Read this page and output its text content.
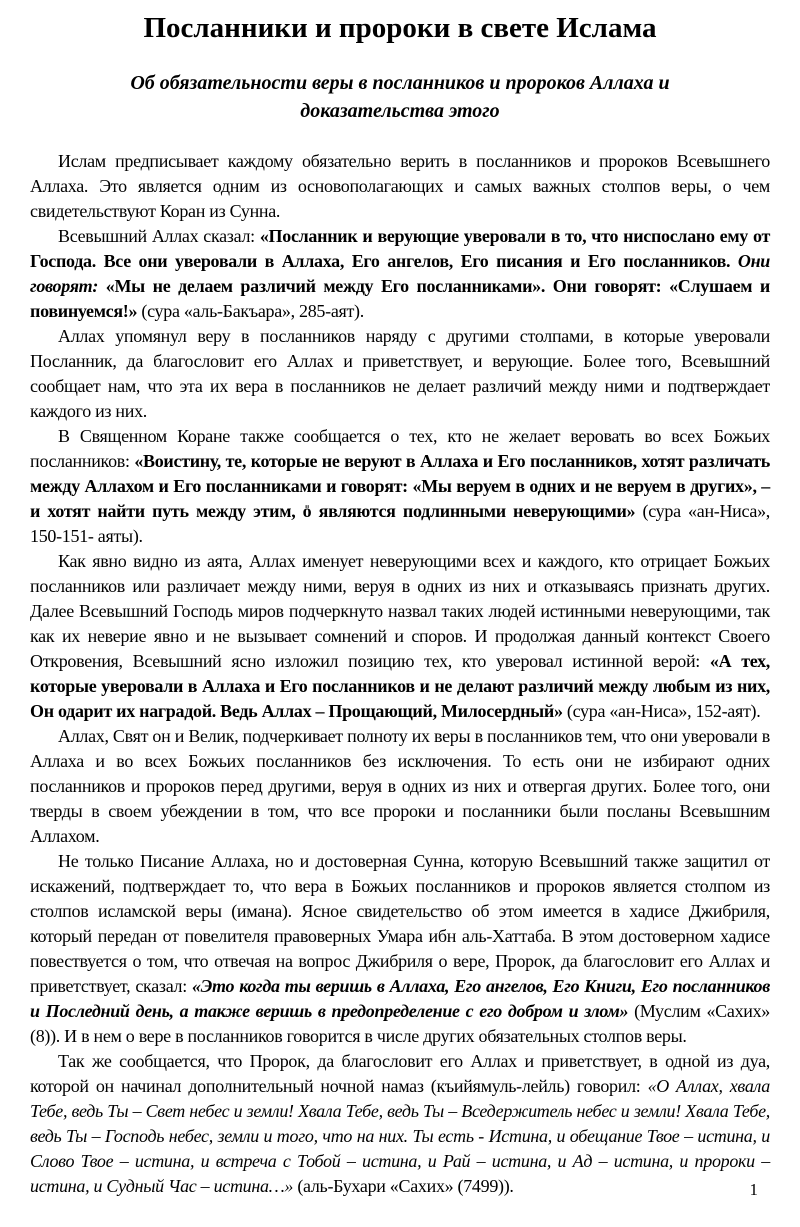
Посланники и пророки в свете Ислама
Об обязательности веры в посланников и пророков Аллаха и доказательства этого

Ислам предписывает каждому обязательно верить в посланников и пророков Всевышнего Аллаха. Это является одним из основополагающих и самых важных столпов веры, о чем свидетельствуют Коран из Сунна.

Всевышний Аллах сказал: «Посланник и верующие уверовали в то, что ниспослано ему от Господа. Все они уверовали в Аллаха, Его ангелов, Его писания и Его посланников. Они говорят: «Мы не делаем различий между Его посланниками». Они говорят: «Слушаем и повинуемся!» (сура «аль-Бакъара», 285-аят).

Аллах упомянул веру в посланников наряду с другими столпами, в которые уверовали Посланник, да благословит его Аллах и приветствует, и верующие. Более того, Всевышний сообщает нам, что эта их вера в посланников не делает различий между ними и подтверждает каждого из них.

В Священном Коране также сообщается о тех, кто не желает веровать во всех Божьих посланников: «Воистину, те, которые не веруют в Аллаха и Его посланников, хотят различать между Аллахом и Его посланниками и говорят: «Мы веруем в одних и не веруем в других», – и хотят найти путь между этим, o̎ являются подлинными неверующими» (сура «ан-Ниса», 150-151- аяты).

Как явно видно из аята, Аллах именует неверующими всех и каждого, кто отрицает Божьих посланников или различает между ними, веруя в одних из них и отказываясь признать других. Далее Всевышний Господь миров подчеркнуто назвал таких людей истинными неверующими, так как их неверие явно и не вызывает сомнений и споров. И продолжая данный контекст Своего Откровения, Всевышний ясно изложил позицию тех, кто уверовал истинной верой: «А тех, которые уверовали в Аллаха и Его посланников и не делают различий между любым из них, Он одарит их наградой. Ведь Аллах – Прощающий, Милосердный» (сура «ан-Ниса», 152-аят).

Аллах, Свят он и Велик, подчеркивает полноту их веры в посланников тем, что они уверовали в Аллаха и во всех Божьих посланников без исключения. То есть они не избирают одних посланников и пророков перед другими, веруя в одних из них и отвергая других. Более того, они тверды в своем убеждении в том, что все пророки и посланники были посланы Всевышним Аллахом.

Не только Писание Аллаха, но и достоверная Сунна, которую Всевышний также защитил от искажений, подтверждает то, что вера в Божьих посланников и пророков является столпом из столпов исламской веры (имана). Ясное свидетельство об этом имеется в хадисе Джибриля, который передан от повелителя правоверных Умара ибн аль-Хаттаба. В этом достоверном хадисе повествуется о том, что отвечая на вопрос Джибриля о вере, Пророк, да благословит его Аллах и приветствует, сказал: «Это когда ты веришь в Аллаха, Его ангелов, Его Книги, Его посланников и Последний день, а также веришь в предопределение с его добром и злом» (Муслим «Сахих» (8)). И в нем о вере в посланников говорится в числе других обязательных столпов веры.

Так же сообщается, что Пророк, да благословит его Аллах и приветствует, в одной из дуа, которой он начинал дополнительный ночной намаз (къийямуль-лейль) говорил: «О Аллах, хвала Тебе, ведь Ты – Свет небес и земли! Хвала Тебе, ведь Ты – Вседержитель небес и земли! Хвала Тебе, ведь Ты – Господь небес, земли и того, что на них. Ты есть - Истина, и обещание Твое – истина, и Слово Твое – истина, и встреча с Тобой – истина, и Рай – истина, и Ад – истина, и пророки – истина, и Судный Час – истина…» (аль-Бухари «Сахих» (7499)).	1
